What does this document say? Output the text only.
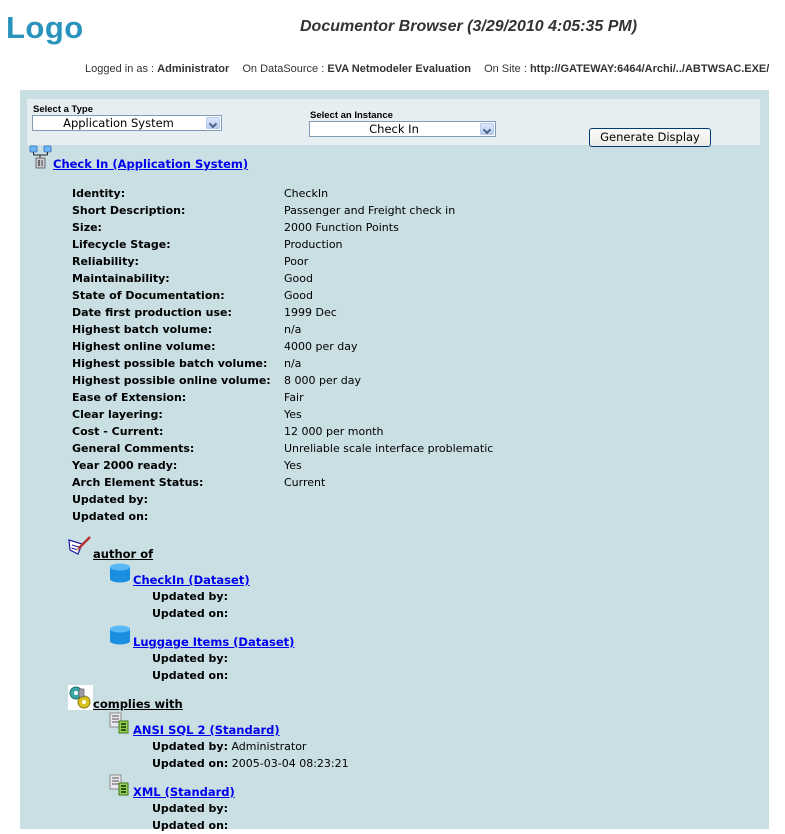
Logo	Documentor Browser (3/29/2010 4:05:35 PM)
Logged in as : Administrator On DataSource : EVA Netmodeler Evaluation On Site : http://GATEWAY:6464/Archi/../ABTWSAC.EXE/
Select a Type
Application System
Select an Instance
Check In
Generate Display
Check In (Application System)
Identity:	CheckIn
Short Description:	Passenger and Freight check in
Size:	2000 Function Points
Lifecycle Stage:	Production
Reliability:	Poor
Maintainability:	Good
State of Documentation:	Good
Date first production use:	1999 Dec
Highest batch volume:	n/a
Highest online volume:	4000 per day
Highest possible batch volume: n/a
Highest possible online volume: 8 000 per day
Ease of Extension:	Fair
Clear layering:	Yes
Cost - Current:	12 000 per month
General Comments:	Unreliable scale interface problematic
Year 2000 ready:	Yes
Arch Element Status:	Current
Updated by:
Updated on:
author of
CheckIn (Dataset)
Updated by:
Updated on:
Luggage Items (Dataset)
Updated by:
Updated on:
complies with
ANSI SQL 2 (Standard)
Updated by: Administrator
Updated on: 2005-03-04 08:23:21
XML (Standard)
Updated by:
Updated on:
